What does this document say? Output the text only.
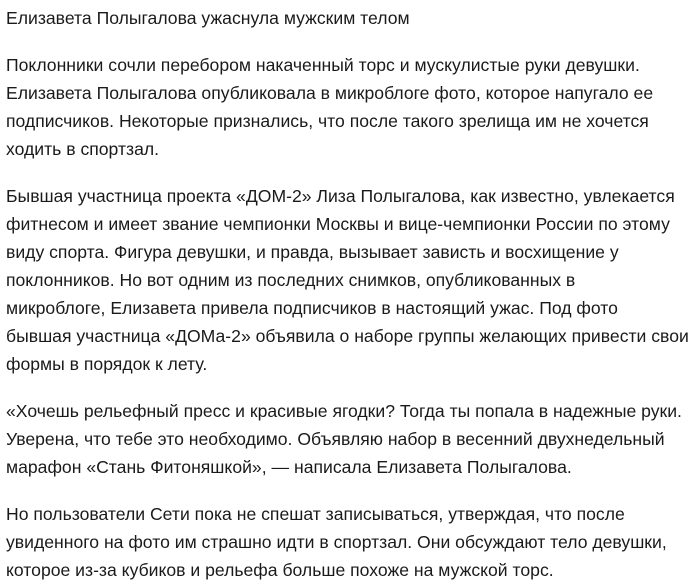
Елизавета Полыгалова ужаснула мужским телом

Поклонники сочли перебором накаченный торс и мускулистые руки девушки.
Елизавета Полыгалова опубликовала в микроблоге фото, которое напугало ее
подписчиков. Некоторые признались, что после такого зрелища им не хочется
ходить в спортзал.

Бывшая участница проекта «ДОМ-2» Лиза Полыгалова, как известно, увлекается
фитнесом и имеет звание чемпионки Москвы и вице-чемпионки России по этому
виду спорта. Фигура девушки, и правда, вызывает зависть и восхищение у
поклонников. Но вот одним из последних снимков, опубликованных в
микроблоге, Елизавета привела подписчиков в настоящий ужас. Под фото
бывшая участница «ДОМа-2» объявила о наборе группы желающих привести свои
формы в порядок к лету.

«Хочешь рельефный пресс и красивые ягодки? Тогда ты попала в надежные руки.
Уверена, что тебе это необходимо. Объявляю набор в весенний двухнедельный
марафон «Стань Фитоняшкой», — написала Елизавета Полыгалова.

Но пользователи Сети пока не спешат записываться, утверждая, что после
увиденного на фото им страшно идти в спортзал. Они обсуждают тело девушки,
которое из-за кубиков и рельефа больше похоже на мужской торс.
